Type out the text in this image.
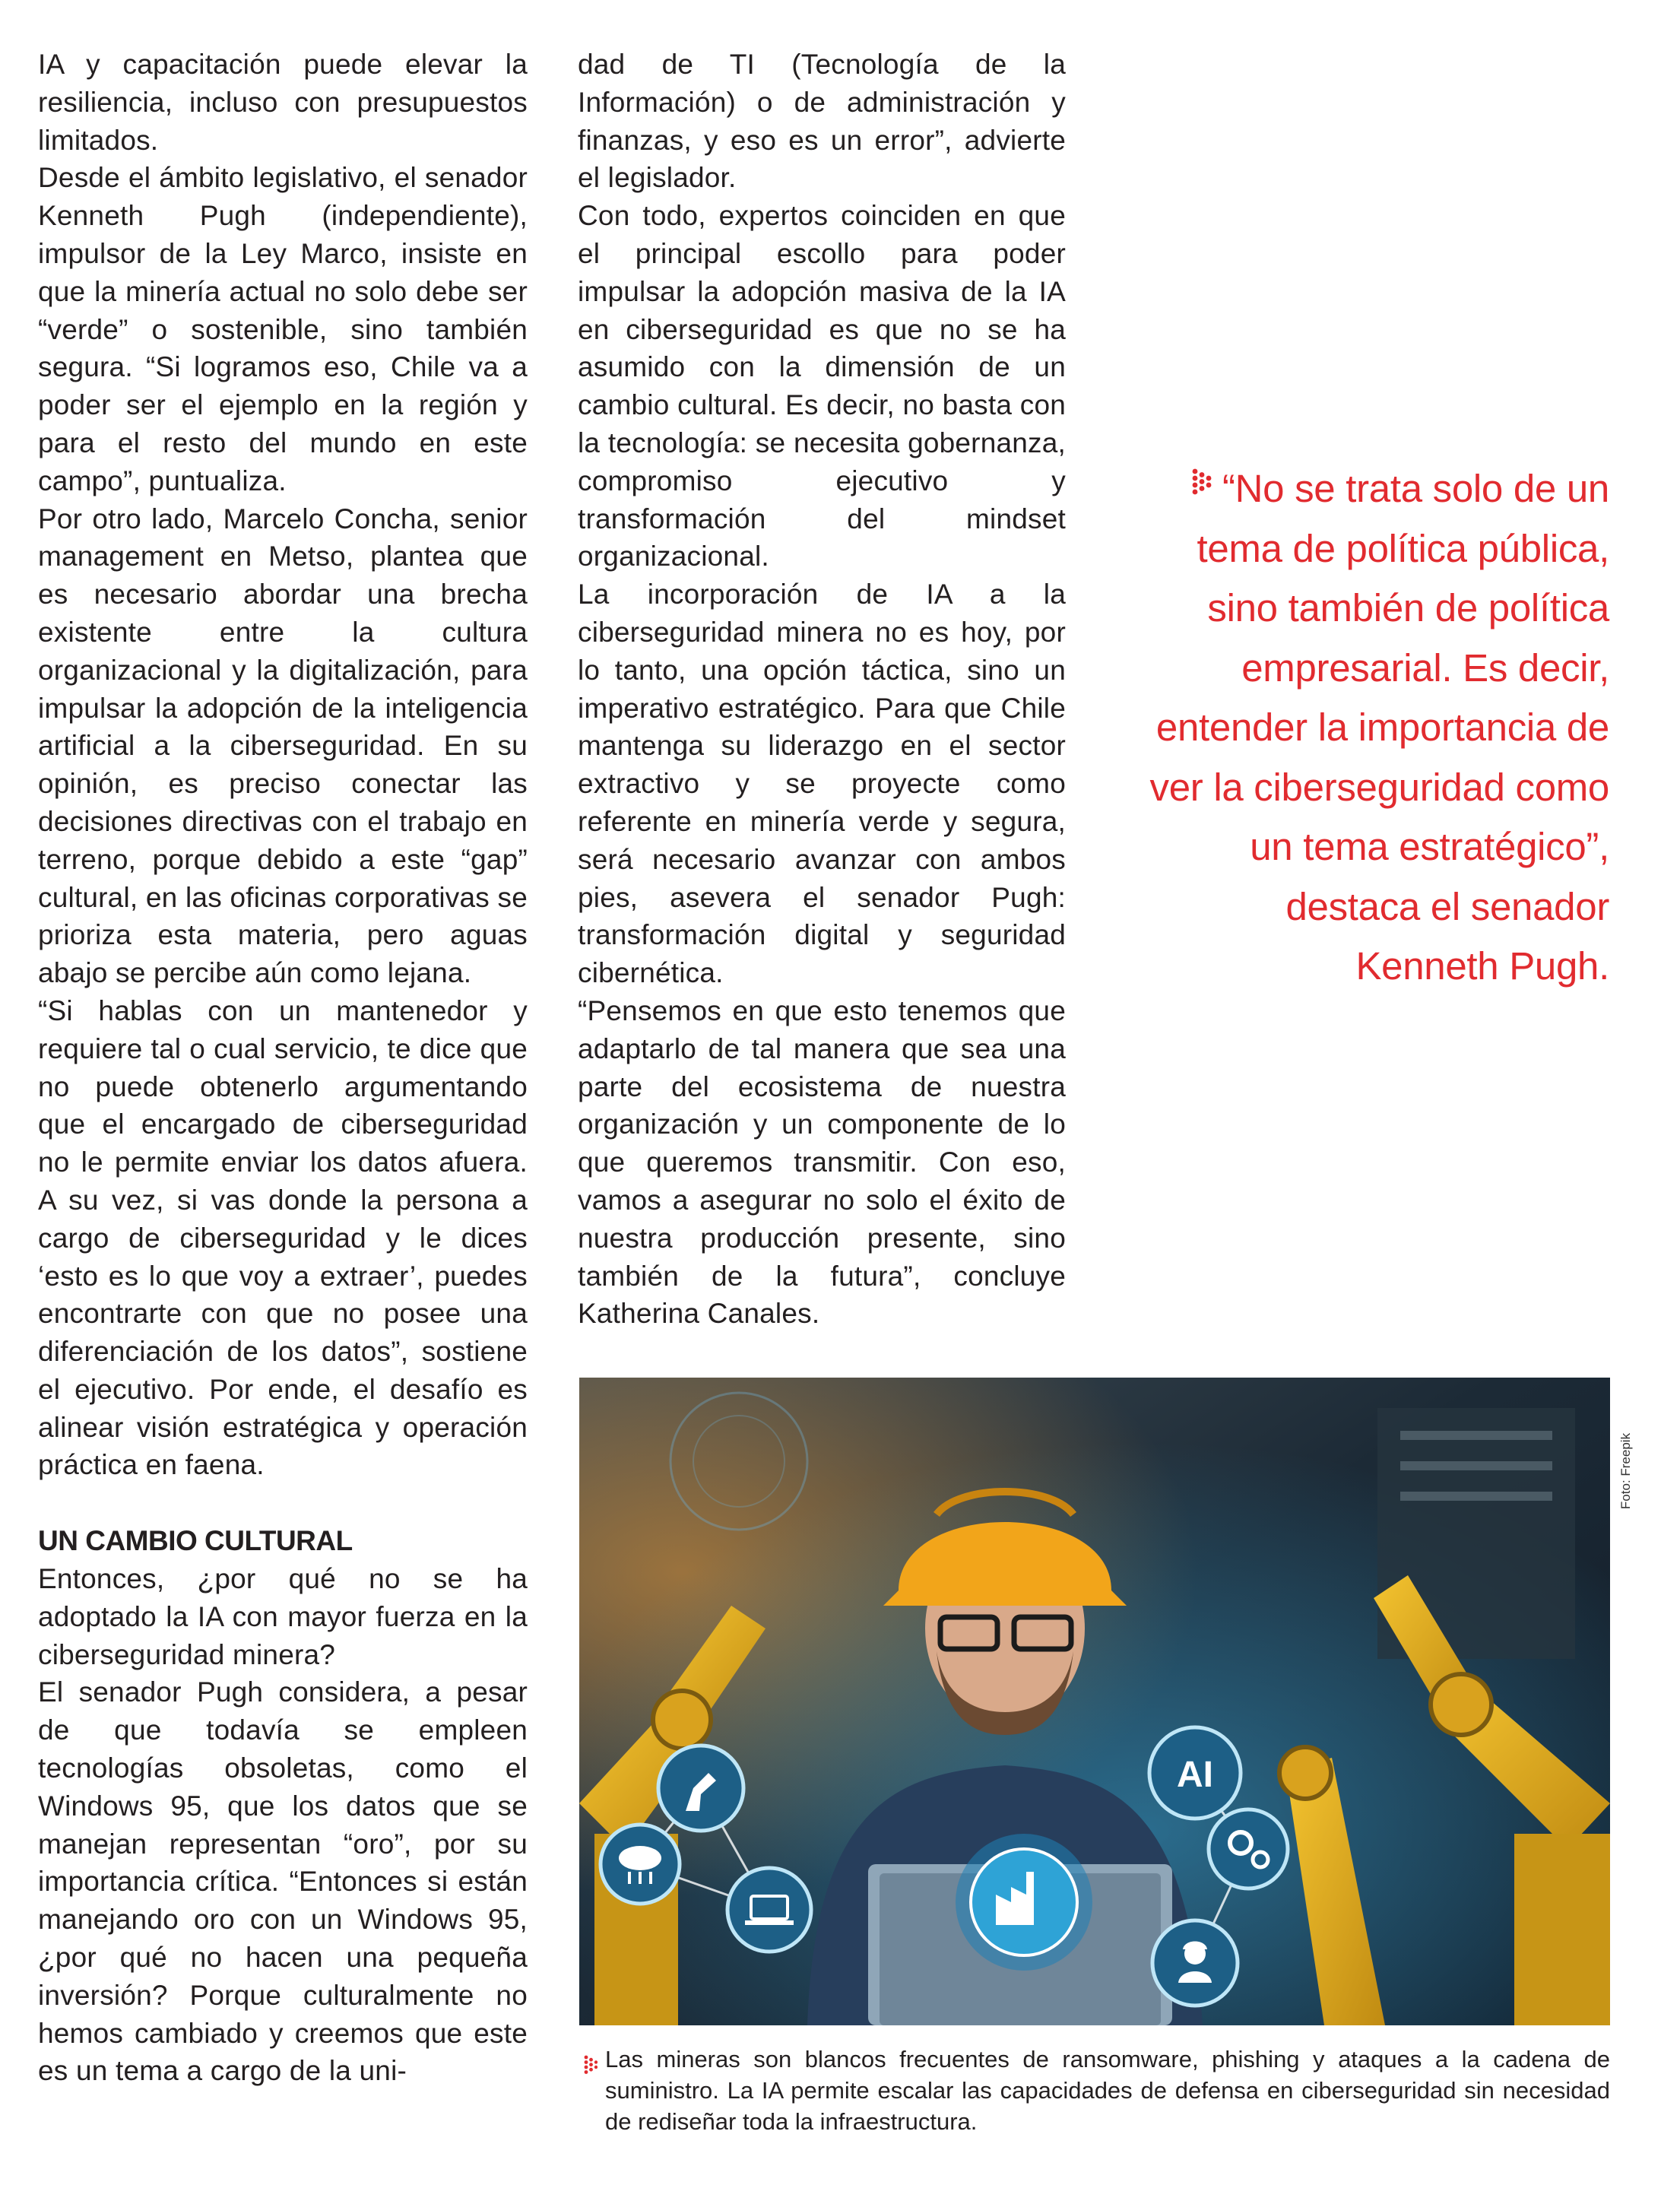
IA y capacitación puede elevar la resiliencia, incluso con presupuestos limitados.

Desde el ámbito legislativo, el senador Kenneth Pugh (independiente), impulsor de la Ley Marco, insiste en que la minería actual no solo debe ser “verde” o sostenible, sino también segura. “Si logramos eso, Chile va a poder ser el ejemplo en la región y para el resto del mundo en este campo”, puntualiza.

Por otro lado, Marcelo Concha, senior management en Metso, plantea que es necesario abordar una brecha existente entre la cultura organizacional y la digitalización, para impulsar la adopción de la inteligencia artificial a la ciberseguridad. En su opinión, es preciso conectar las decisiones directivas con el trabajo en terreno, porque debido a este “gap” cultural, en las oficinas corporativas se prioriza esta materia, pero aguas abajo se percibe aún como lejana.

“Si hablas con un mantenedor y requiere tal o cual servicio, te dice que no puede obtenerlo argumentando que el encargado de ciberseguridad no le permite enviar los datos afuera. A su vez, si vas donde la persona a cargo de ciberseguridad y le dices ‘esto es lo que voy a extraer’, puedes encontrarte con que no posee una diferenciación de los datos”, sostiene el ejecutivo. Por ende, el desafío es alinear visión estratégica y operación práctica en faena.

UN CAMBIO CULTURAL

Entonces, ¿por qué no se ha adoptado la IA con mayor fuerza en la ciberseguridad minera?

El senador Pugh considera, a pesar de que todavía se empleen tecnologías obsoletas, como el Windows 95, que los datos que se manejan representan “oro”, por su importancia crítica. “Entonces si están manejando oro con un Windows 95, ¿por qué no hacen una pequeña inversión? Porque culturalmente no hemos cambiado y creemos que este es un tema a cargo de la uni-

dad de TI (Tecnología de la Información) o de administración y finanzas, y eso es un error”, advierte el legislador.

Con todo, expertos coinciden en que el principal escollo para poder impulsar la adopción masiva de la IA en ciberseguridad es que no se ha asumido con la dimensión de un cambio cultural. Es decir, no basta con la tecnología: se necesita gobernanza, compromiso ejecutivo y transformación del mindset organizacional.

La incorporación de IA a la ciberseguridad minera no es hoy, por lo tanto, una opción táctica, sino un imperativo estratégico. Para que Chile mantenga su liderazgo en el sector extractivo y se proyecte como referente en minería verde y segura, será necesario avanzar con ambos pies, asevera el senador Pugh: transformación digital y seguridad cibernética.

“Pensemos en que esto tenemos que adaptarlo de tal manera que sea una parte del ecosistema de nuestra organización y un componente de lo que queremos transmitir. Con eso, vamos a asegurar no solo el éxito de nuestra producción presente, sino también de la futura”, concluye Katherina Canales.

“No se trata solo de un tema de política pública, sino también de política empresarial. Es decir, entender la importancia de ver la ciberseguridad como un tema estratégico”, destaca el senador Kenneth Pugh.
AI
Foto: Freepik
Las mineras son blancos frecuentes de ransomware, phishing y ataques a la cadena de suministro. La IA permite escalar las capacidades de defensa en ciberseguridad sin necesidad de rediseñar toda la infraestructura.
